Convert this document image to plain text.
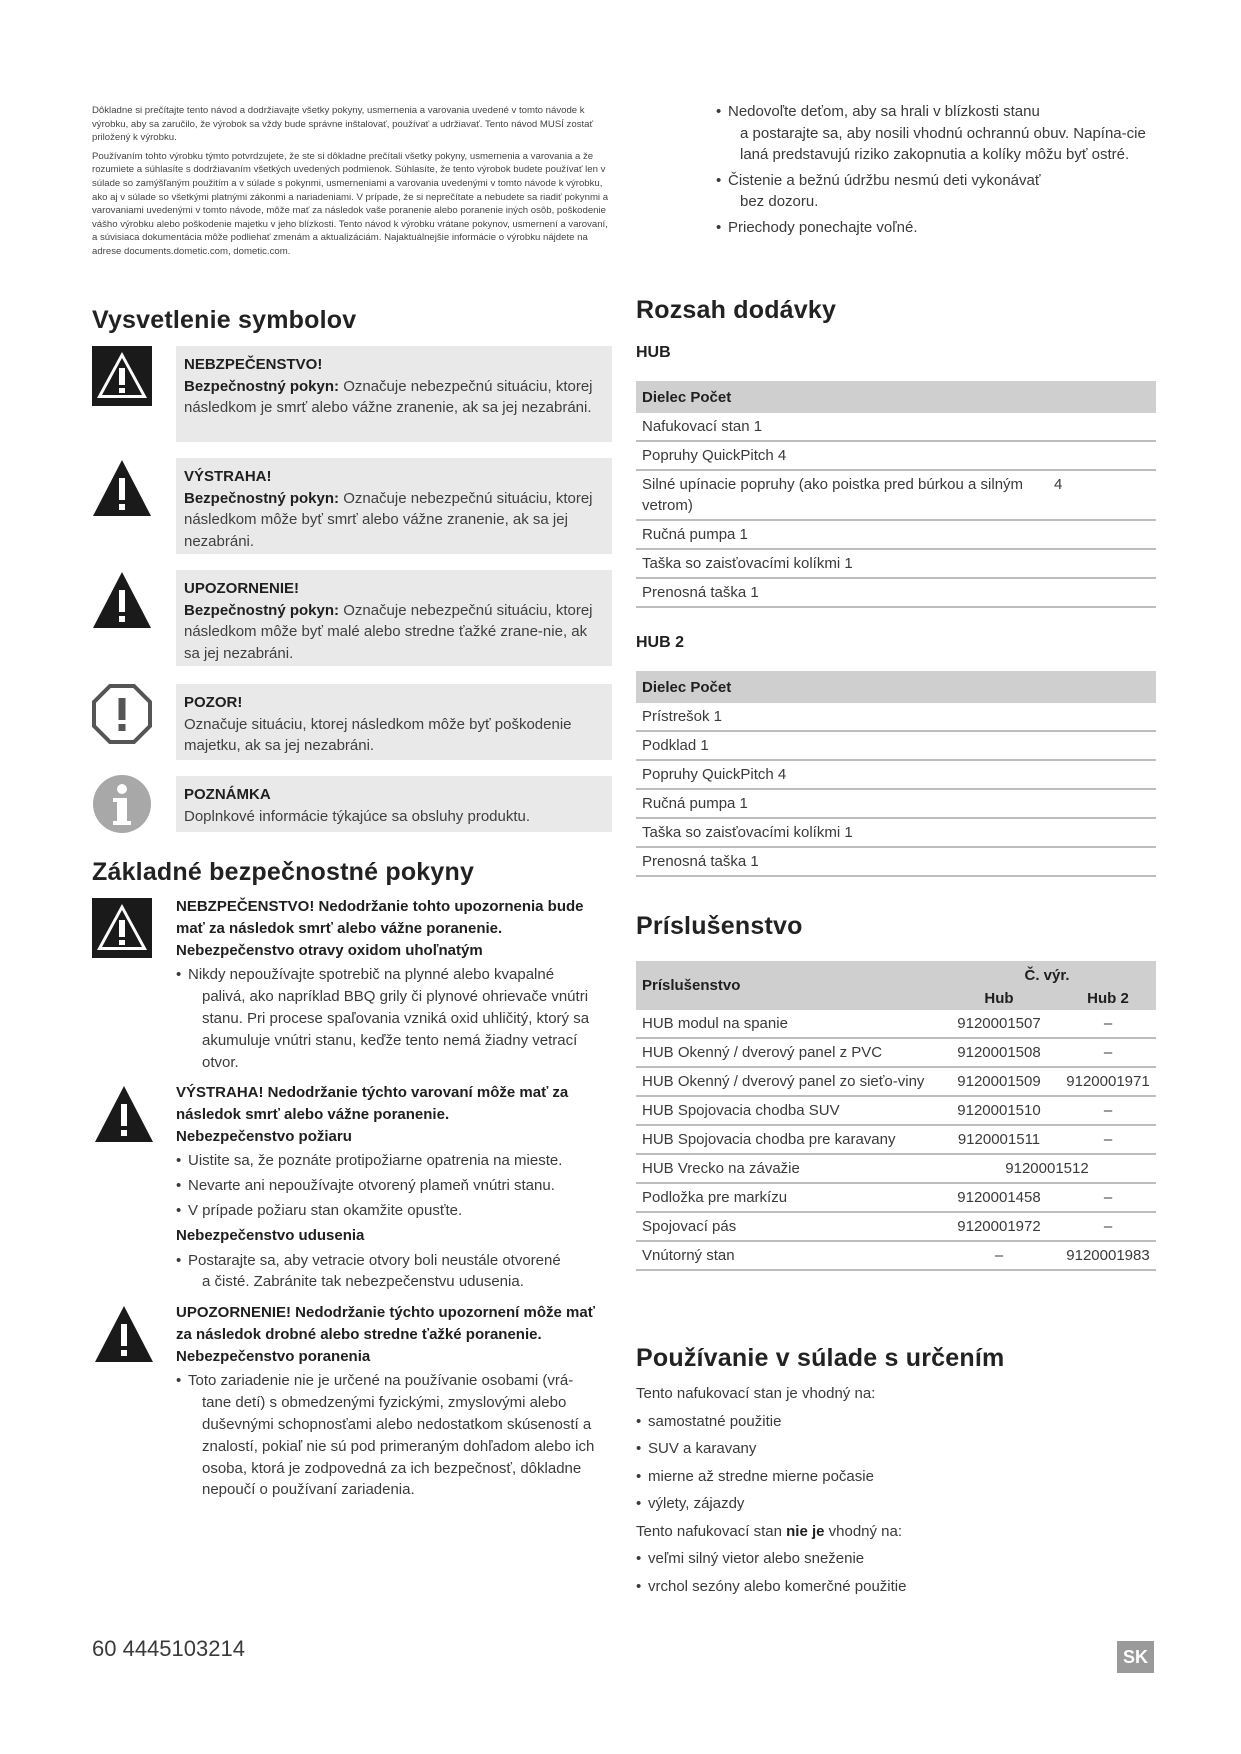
Dôkladne si prečítajte tento návod a dodržiavajte všetky pokyny, usmernenia a varovania uvedené v tomto návode k výrobku, aby sa zaručilo, že výrobok sa vždy bude správne inštalovať, používať a udržiavať. Tento návod MUSÍ zostať priložený k výrobku.

Používaním tohto výrobku týmto potvrdzujete, že ste si dôkladne prečítali všetky pokyny, usmernenia a varovania a že rozumiete a súhlasíte s dodržiavaním všetkých uvedených podmienok. Súhlasíte, že tento výrobok budete používať len v súlade so zamýšľaným použitím a v súlade s pokynmi, usmerneniami a varovania uvedenými v tomto návode k výrobku, ako aj v súlade so všetkými platnými zákonmi a nariadeniami. V prípade, že si neprečítate a nebudete sa riadiť pokynmi a varovaniami uvedenými v tomto návode, môže mať za následok vaše poranenie alebo poranenie iných osôb, poškodenie vášho výrobku alebo poškodenie majetku v jeho blízkosti. Tento návod k výrobku vrátane pokynov, usmernení a varovaní, a súvisiaca dokumentácia môže podliehať zmenám a aktualizáciám. Najaktuálnejšie informácie o výrobku nájdete na adrese documents.dometic.com, dometic.com.

• Nedovoľte deťom, aby sa hrali v blízkosti stanu
a postarajte sa, aby nosili vhodnú ochrannú obuv. Napína-cie laná predstavujú riziko zakopnutia a kolíky môžu byť ostré.
• Čistenie a bežnú údržbu nesmú deti vykonávať
bez dozoru.
• Priechody ponechajte voľné.
Vysvetlenie symbolov
NEBZPEČENSTVO!
Bezpečnostný pokyn: Označuje nebezpečnú situáciu, ktorej následkom je smrť alebo vážne zranenie, ak sa jej nezabráni.
VÝSTRAHA!
Bezpečnostný pokyn: Označuje nebezpečnú situáciu, ktorej následkom môže byť smrť alebo vážne zranenie, ak sa jej nezabráni.
UPOZORNENIE!
Bezpečnostný pokyn: Označuje nebezpečnú situáciu, ktorej následkom môže byť malé alebo stredne ťažké zrane-nie, ak sa jej nezabráni.
POZOR!
Označuje situáciu, ktorej následkom môže byť poškodenie majetku, ak sa jej nezabráni.
POZNÁMKA
Doplnkové informácie týkajúce sa obsluhy produktu.
Základné bezpečnostné pokyny
NEBZPEČENSTVO! Nedodržanie tohto upozornenia bude mať za následok smrť alebo vážne poranenie.
Nebezpečenstvo otravy oxidom uhoľnatým
• Nikdy nepoužívajte spotrebič na plynné alebo kvapalné
palivá, ako napríklad BBQ grily či plynové ohrievače vnútri stanu. Pri procese spaľovania vzniká oxid uhličitý, ktorý sa akumuluje vnútri stanu, keďže tento nemá žiadny vetrací otvor.
VÝSTRAHA! Nedodržanie týchto varovaní môže mať za následok smrť alebo vážne poranenie.
Nebezpečenstvo požiaru
• Uistite sa, že poznáte protipožiarne opatrenia na mieste.
• Nevarte ani nepoužívajte otvorený plameň vnútri stanu.
• V prípade požiaru stan okamžite opusťte.
Nebezpečenstvo udusenia
• Postarajte sa, aby vetracie otvory boli neustále otvorené
a čisté. Zabránite tak nebezpečenstvu udusenia.
UPOZORNENIE! Nedodržanie týchto upozornení môže mať za následok drobné alebo stredne ťažké poranenie.
Nebezpečenstvo poranenia
• Toto zariadenie nie je určené na používanie osobami (vrá-
tane detí) s obmedzenými fyzickými, zmyslovými alebo duševnými schopnosťami alebo nedostatkom skúseností a znalostí, pokiaľ nie sú pod primeraným dohľadom alebo ich osoba, ktorá je zodpovedná za ich bezpečnosť, dôkladne nepoučí o používaní zariadenia.
Rozsah dodávky
HUB
Dielec Počet	
Nafukovací stan 1	
Popruhy QuickPitch 4	
Silné upínacie popruhy (ako poistka pred búrkou a silným vetrom)	4
Ručná pumpa 1	
Taška so zaisťovacími kolíkmi 1	
Prenosná taška 1	
HUB 2
Dielec Počet
Prístrešok 1
Podklad 1
Popruhy QuickPitch 4
Ručná pumpa 1
Taška so zaisťovacími kolíkmi 1
Prenosná taška 1
Príslušenstvo
Príslušenstvo	Č. výr.	
	Hub	Hub 2
HUB modul na spanie	9120001507	–
HUB Okenný / dverový panel z PVC	9120001508	–
HUB Okenný / dverový panel zo sieťo-viny	9120001509	9120001971
HUB Spojovacia chodba SUV	9120001510	–
HUB Spojovacia chodba pre karavany	9120001511	–
HUB Vrecko na závažie	9120001512	
Podložka pre markízu	9120001458	–
Spojovací pás	9120001972	–
Vnútorný stan	–	9120001983
Používanie v súlade s určením
Tento nafukovací stan je vhodný na:
• samostatné použitie
• SUV a karavany
• mierne až stredne mierne počasie
• výlety, zájazdy
Tento nafukovací stan nie je vhodný na:
• veľmi silný vietor alebo sneženie
• vrchol sezóny alebo komerčné použitie
60 4445103214	SK
